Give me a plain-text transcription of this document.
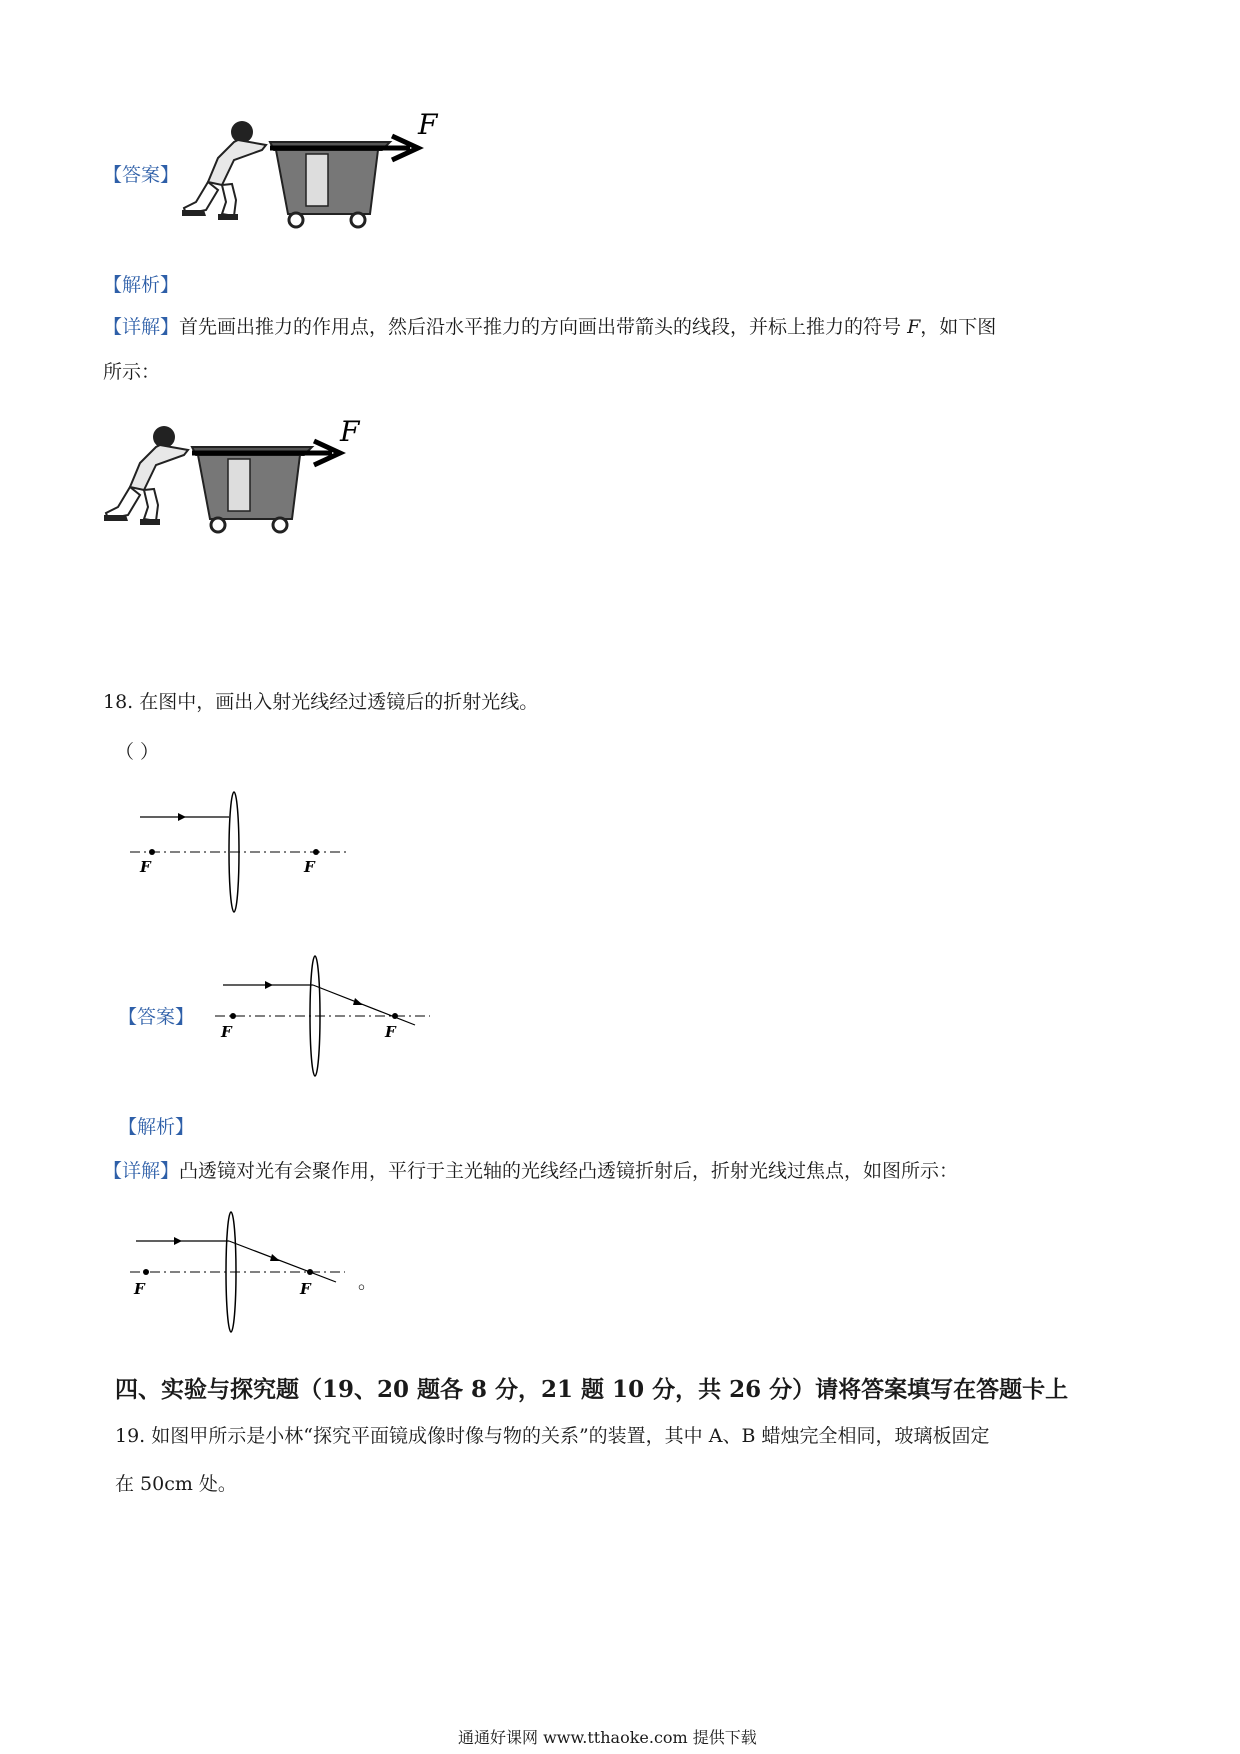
【答案】
F
【解析】
【详解】首先画出推力的作用点，然后沿水平推力的方向画出带箭头的线段，并标上推力的符号 F，如下图
所示：
F
18. 在图中，画出入射光线经过透镜后的折射光线。
（ ）
F	F
【答案】
F	F
【解析】
【详解】凸透镜对光有会聚作用，平行于主光轴的光线经凸透镜折射后，折射光线过焦点，如图所示：
F	F 。
四、实验与探究题（19、20 题各 8 分，21 题 10 分，共 26 分）请将答案填写在答题卡上
19. 如图甲所示是小林“探究平面镜成像时像与物的关系”的装置，其中 A、B 蜡烛完全相同，玻璃板固定
在 50cm 处。
通通好课网 www.tthaoke.com 提供下载
